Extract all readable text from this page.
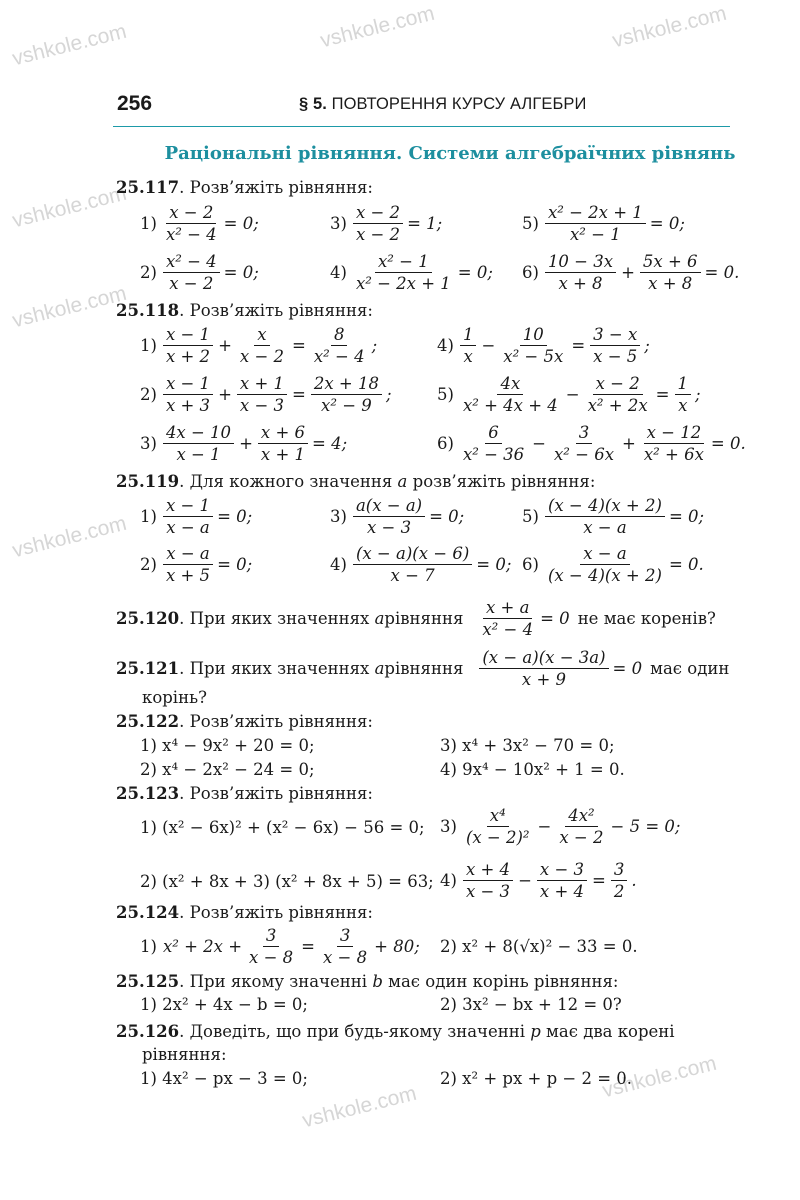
vshkole.com	vshkole.com	vshkole.com
vshkole.com
vshkole.com
vshkole.com
vshkole.com
vshkole.com
256	§ 5. ПОВТОРЕННЯ КУРСУ АЛГЕБРИ
Раціональні рівняння. Системи алгебраїчних рівнянь
25.117. Розв’яжіть рівняння:
$1) \frac{x - 2}{\text{x² − 4}} = 0$;	$3) \frac{x - 2}{x - 2} = 1$;	$5) \frac{\text{x² − 2x + 1}}{\text{x² − 1}} = 0$;
$2) \frac{\text{x² − 4}}{x - 2} = 0$;	$4) \frac{\text{x² − 1}}{\text{x² − 2x + 1}} = 0$; $6) \frac{10 - 3x}{x + 8} + \frac{5x + 6}{x + 8} = 0$.
25.118. Розв’яжіть рівняння:
$1) \frac{x - 1}{x + 2} + \frac{x}{x - 2} = \frac{8}{\text{x² − 4}}$ ;	$4) \frac{1}{x} - \frac{10}{\text{x² − 5x}} = \frac{3 - x}{x - 5}$ ;
$2) \frac{x - 1}{x + 3} + \frac{x + 1}{x - 3} = \frac{2x + 18}{\text{x² − 9}}$ ;	$5) \frac{4x}{\text{x² + 4x + 4}} - \frac{x - 2}{\text{x² + 2x}} = \frac{1}{x}$ ;
$3) \frac{4x - 10}{x - 1} + \frac{x + 6}{x + 1} = 4$;	$6) \frac{6}{\text{x² − 36}} - \frac{3}{\text{x² − 6x}} + \frac{x - 12}{\text{x² + 6x}} = 0$.
25.119. Для кожного значення a розв’яжіть рівняння:
$1) \frac{x - 1}{x - a} = 0$;	$3) \frac{a(x - a)}{x - 3} = 0$;	$5) \frac{(x - 4)(x + 2)}{x - a} = 0$;
$2) \frac{x - a}{x + 5} = 0$;	$4) \frac{(x - a)(x - 6)}{x - 7} = 0$; $6) \frac{x - a}{(x - 4)(x + 2)} = 0$.
25.120 . При яких значеннях
a рівняння $\frac{x + a}{\text{x² − 4}} = 0$ не має коренів?
25.121 . При яких значеннях
a рівняння $\frac{(x - a)(x - 3a)}{x + 9} = 0$ має один
корінь?
25.122. Розв’яжіть рівняння:
1) x⁴ − 9x² + 20 = 0;	3) x⁴ + 3x² − 70 = 0;
2) x⁴ − 2x² − 24 = 0;	4) 9x⁴ − 10x² + 1 = 0.
25.123. Розв’яжіть рівняння:
1) (x² − 6x)² + (x² − 6x) − 56 = 0; $3) \frac{\text{x⁴}}{\text{(x − 2)²}} - \frac{\text{4x²}}{x - 2} - 5 = 0$;
2) (x² + 8x + 3) (x² + 8x + 5) = 63; $4) \frac{x + 4}{x - 3} - \frac{x - 3}{x + 4} = \frac{3}{2}$ .
25.124. Розв’яжіть рівняння:
1) $x^2 + 2x + \frac{3}{x - 8} = \frac{3}{x - 8} + 80$; 2) x² + 8(√x)² − 33 = 0.
25.125. При якому значенні b має один корінь рівняння:
1) 2x² + 4x − b = 0;	2) 3x² − bx + 12 = 0?
25.126. Доведіть, що при будь-якому значенні p має два корені
рівняння:
1) 4x² − px − 3 = 0;	2) x² + px + p − 2 = 0.
